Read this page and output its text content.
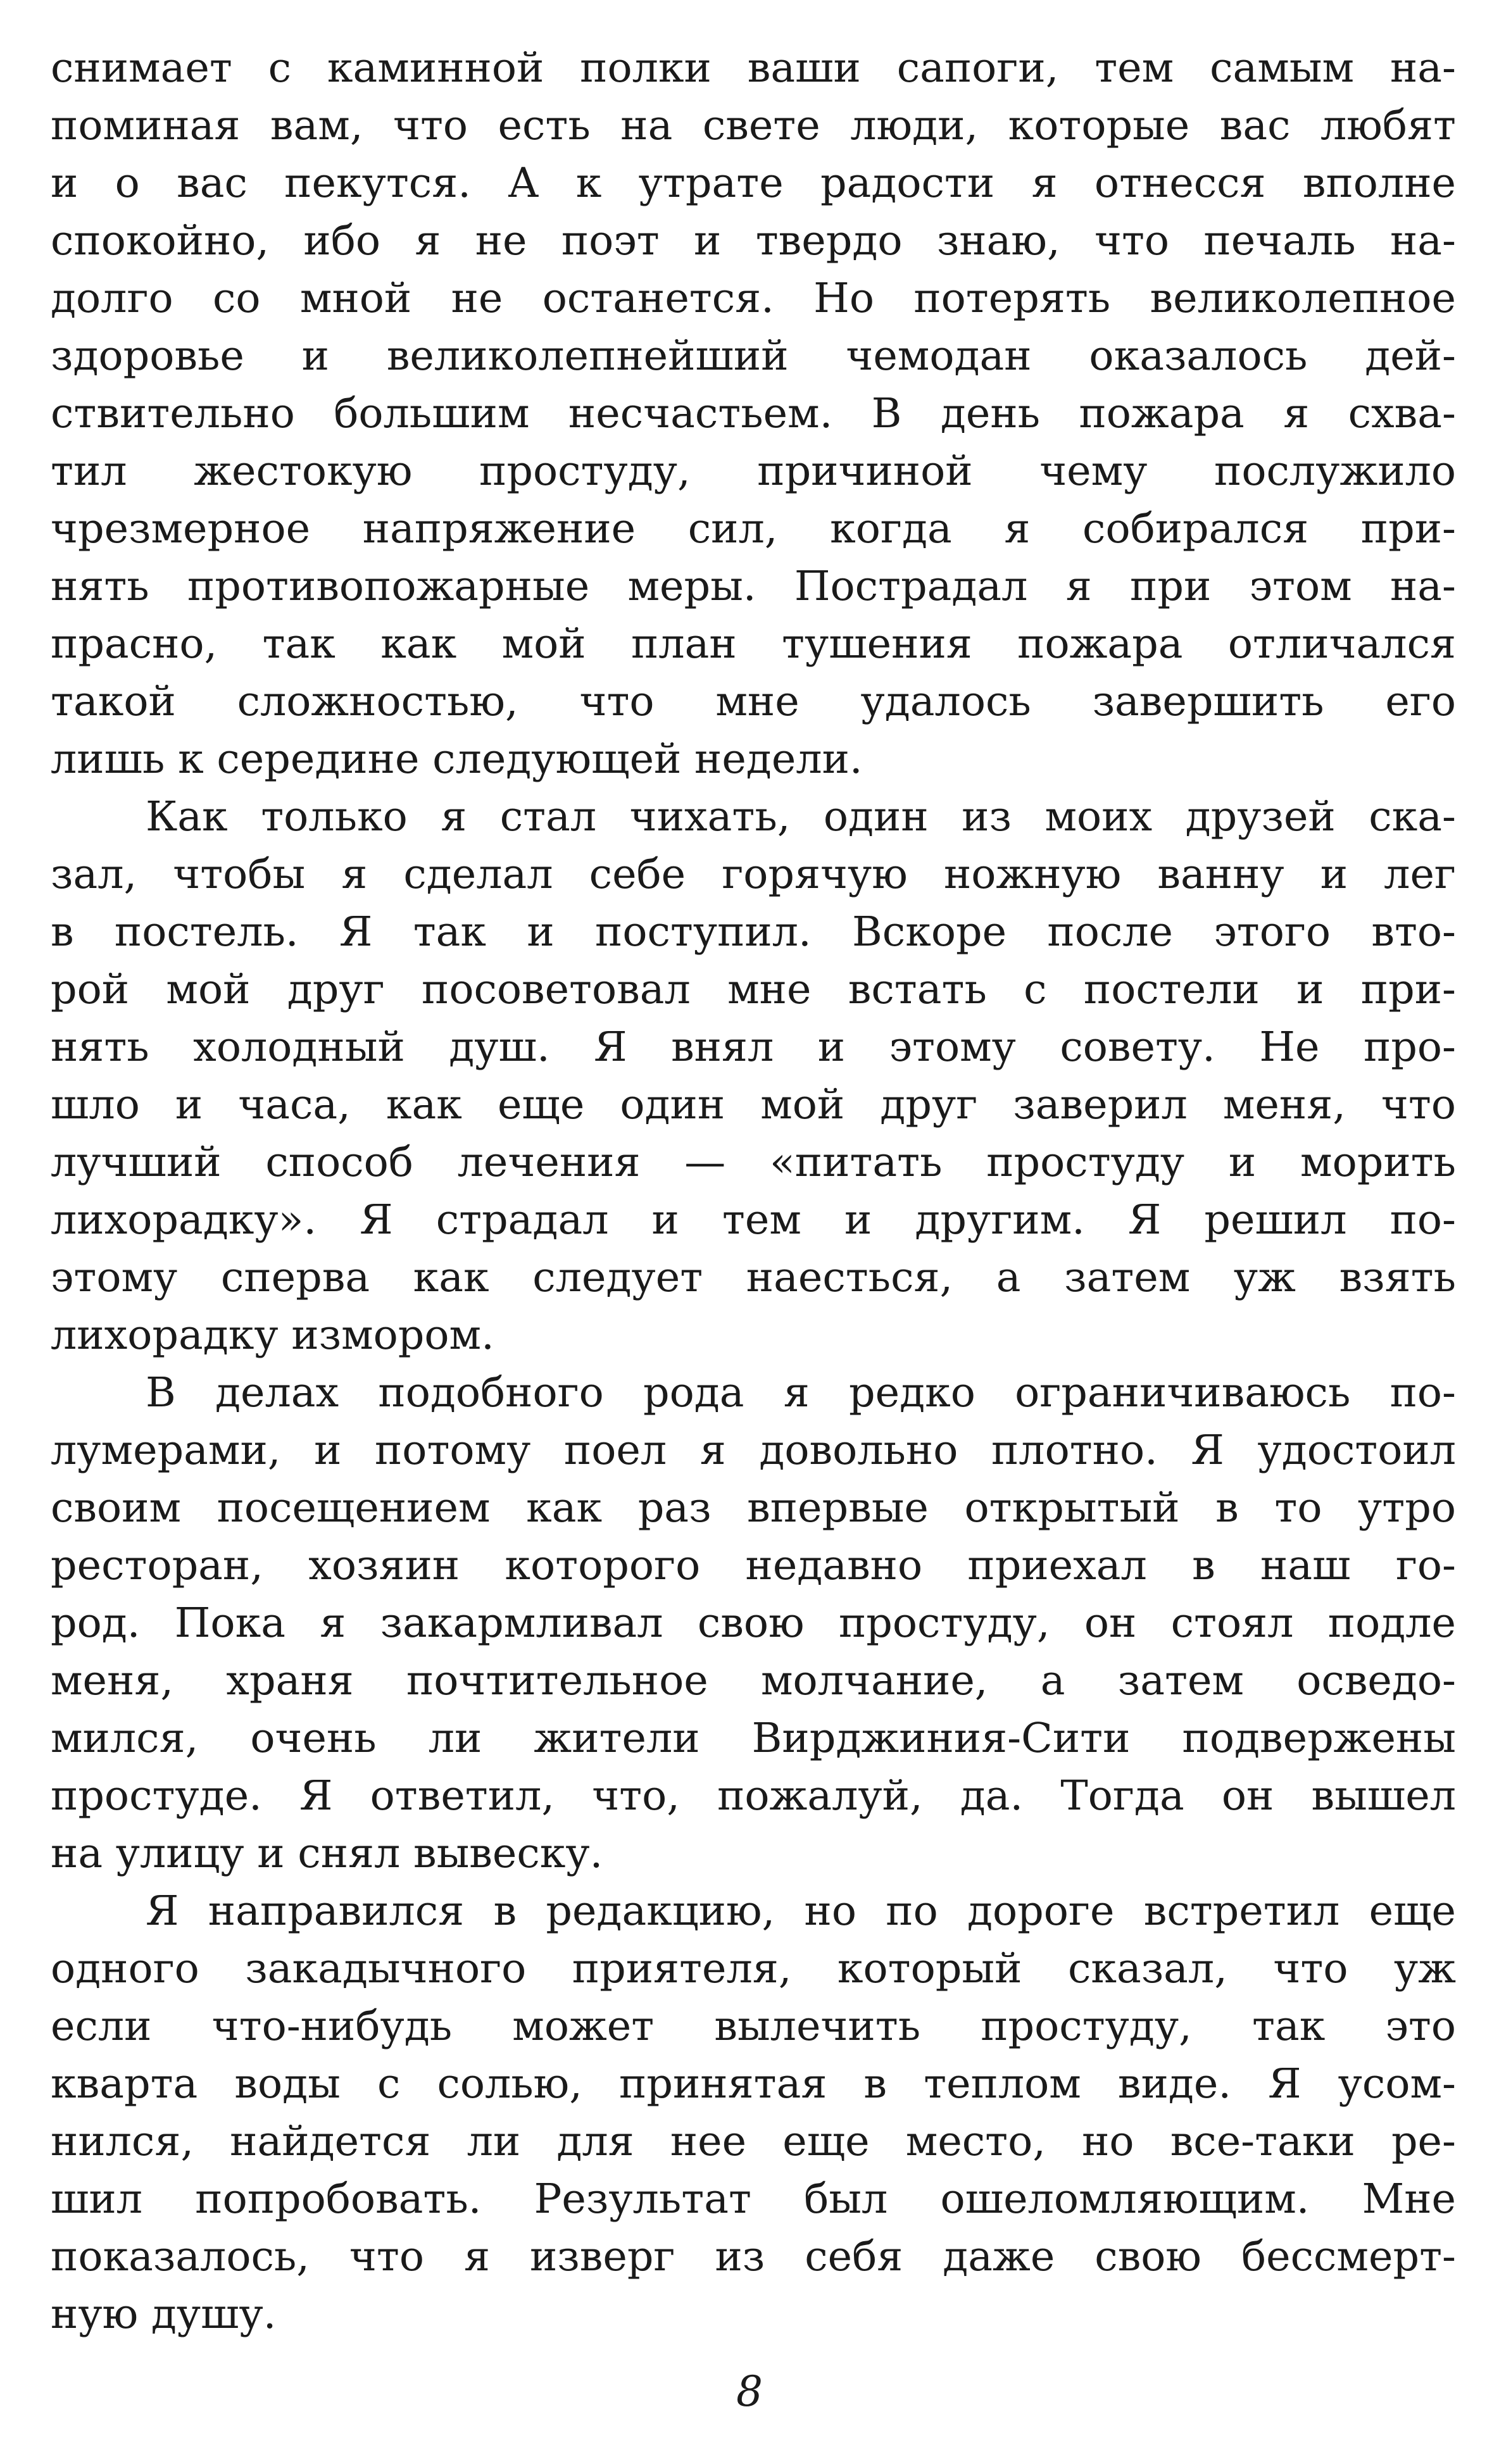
снимает с каминной полки ваши сапоги, тем самым на-
поминая вам, что есть на свете люди, которые вас любят
и о вас пекутся. А к утрате радости я отнесся вполне
спокойно, ибо я не поэт и твердо знаю, что печаль на-
долго со мной не останется. Но потерять великолепное
здоровье и великолепнейший чемодан оказалось дей-
ствительно большим несчастьем. В день пожара я схва-
тил жестокую простуду, причиной чему послужило
чрезмерное напряжение сил, когда я собирался при-
нять противопожарные меры. Пострадал я при этом на-
прасно, так как мой план тушения пожара отличался
такой сложностью, что мне удалось завершить его
лишь к середине следующей недели.
Как только я стал чихать, один из моих друзей ска-
зал, чтобы я сделал себе горячую ножную ванну и лег
в постель. Я так и поступил. Вскоре после этого вто-
рой мой друг посоветовал мне встать с постели и при-
нять холодный душ. Я внял и этому совету. Не про-
шло и часа, как еще один мой друг заверил меня, что
лучший способ лечения — «питать простуду и морить
лихорадку». Я страдал и тем и другим. Я решил по-
этому сперва как следует наесться, а затем уж взять
лихорадку измором.
В делах подобного рода я редко ограничиваюсь по-
лумерами, и потому поел я довольно плотно. Я удостоил
своим посещением как раз впервые открытый в то утро
ресторан, хозяин которого недавно приехал в наш го-
род. Пока я закармливал свою простуду, он стоял подле
меня, храня почтительное молчание, а затем осведо-
мился, очень ли жители Вирджиния-Сити подвержены
простуде. Я ответил, что, пожалуй, да. Тогда он вышел
на улицу и снял вывеску.
Я направился в редакцию, но по дороге встретил еще
одного закадычного приятеля, который сказал, что уж
если что-нибудь может вылечить простуду, так это
кварта воды с солью, принятая в теплом виде. Я усом-
нился, найдется ли для нее еще место, но все-таки ре-
шил попробовать. Результат был ошеломляющим. Мне
показалось, что я изверг из себя даже свою бессмерт-
ную душу.
8
